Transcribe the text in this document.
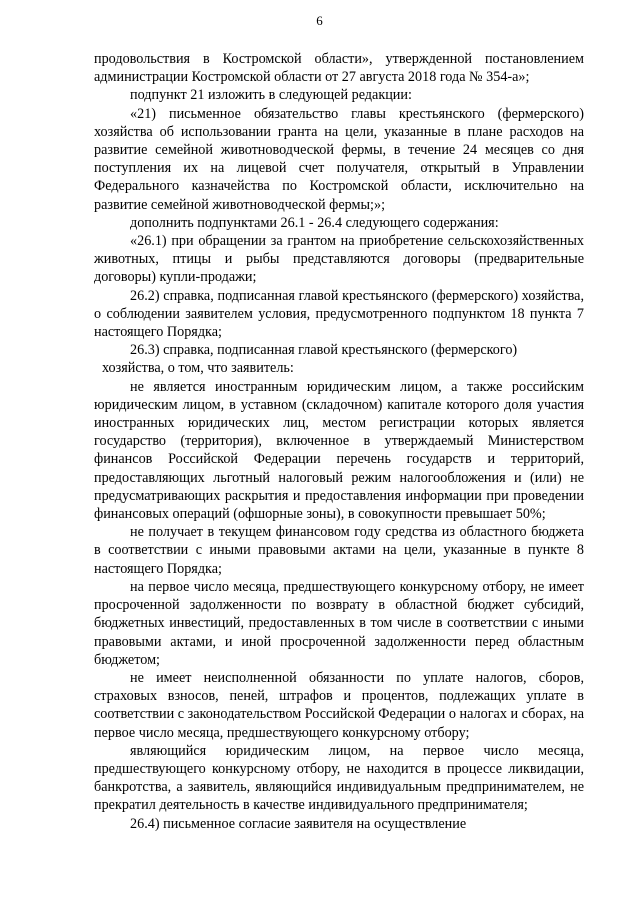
6

продовольствия в Костромской области», утвержденной постановлением администрации Костромской области от 27 августа 2018 года № 354-а»;

подпункт 21 изложить в следующей редакции:

«21) письменное обязательство главы крестьянского (фермерского) хозяйства об использовании гранта на цели, указанные в плане расходов на развитие семейной животноводческой фермы, в течение 24 месяцев со дня поступления их на лицевой счет получателя, открытый в Управлении Федерального казначейства по Костромской области, исключительно на развитие семейной животноводческой фермы;»;

дополнить подпунктами 26.1 - 26.4 следующего содержания:

«26.1) при обращении за грантом на приобретение сельскохозяйственных животных, птицы и рыбы представляются договоры (предварительные договоры) купли-продажи;

26.2) справка, подписанная главой крестьянского (фермерского) хозяйства, о соблюдении заявителем условия, предусмотренного подпунктом 18 пункта 7 настоящего Порядка;

26.3) справка, подписанная главой крестьянского (фермерского)

хозяйства, о том, что заявитель:

не является иностранным юридическим лицом, а также российским юридическим лицом, в уставном (складочном) капитале которого доля участия иностранных юридических лиц, местом регистрации которых является государство (территория), включенное в утверждаемый Министерством финансов Российской Федерации перечень государств и территорий, предоставляющих льготный налоговый режим налогообложения и (или) не предусматривающих раскрытия и предоставления информации при проведении финансовых операций (офшорные зоны), в совокупности превышает 50%;

не получает в текущем финансовом году средства из областного бюджета в соответствии с иными правовыми актами на цели, указанные в пункте 8 настоящего Порядка;

на первое число месяца, предшествующего конкурсному отбору, не имеет просроченной задолженности по возврату в областной бюджет субсидий, бюджетных инвестиций, предоставленных в том числе в соответствии с иными правовыми актами, и иной просроченной задолженности перед областным бюджетом;

не имеет неисполненной обязанности по уплате налогов, сборов, страховых взносов, пеней, штрафов и процентов, подлежащих уплате в соответствии с законодательством Российской Федерации о налогах и сборах, на первое число месяца, предшествующего конкурсному отбору;

являющийся юридическим лицом, на первое число месяца, предшествующего конкурсному отбору, не находится в процессе ликвидации, банкротства, а заявитель, являющийся индивидуальным предпринимателем, не прекратил деятельность в качестве индивидуального предпринимателя;

26.4) письменное согласие заявителя на осуществление
